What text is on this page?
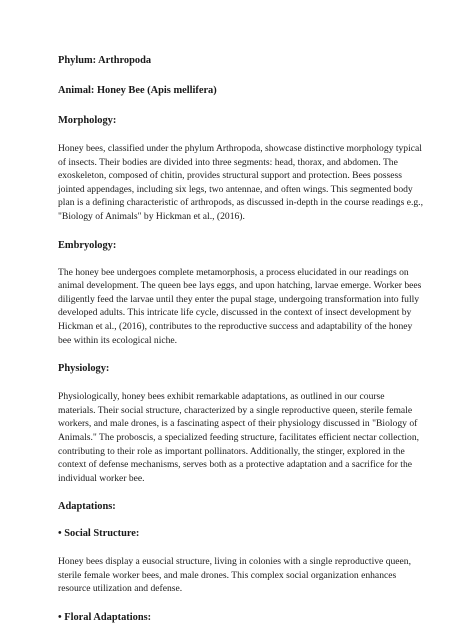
Phylum: Arthropoda

Animal: Honey Bee (Apis mellifera)

Morphology:

Honey bees, classified under the phylum Arthropoda, showcase distinctive morphology typical of insects. Their bodies are divided into three segments: head, thorax, and abdomen. The exoskeleton, composed of chitin, provides structural support and protection. Bees possess jointed appendages, including six legs, two antennae, and often wings. This segmented body plan is a defining characteristic of arthropods, as discussed in-depth in the course readings e.g., "Biology of Animals" by Hickman et al., (2016).

Embryology:

The honey bee undergoes complete metamorphosis, a process elucidated in our readings on animal development. The queen bee lays eggs, and upon hatching, larvae emerge. Worker bees diligently feed the larvae until they enter the pupal stage, undergoing transformation into fully developed adults. This intricate life cycle, discussed in the context of insect development by Hickman et al., (2016), contributes to the reproductive success and adaptability of the honey bee within its ecological niche.

Physiology:

Physiologically, honey bees exhibit remarkable adaptations, as outlined in our course materials. Their social structure, characterized by a single reproductive queen, sterile female workers, and male drones, is a fascinating aspect of their physiology discussed in "Biology of Animals." The proboscis, a specialized feeding structure, facilitates efficient nectar collection, contributing to their role as important pollinators. Additionally, the stinger, explored in the context of defense mechanisms, serves both as a protective adaptation and a sacrifice for the individual worker bee.

Adaptations:

• Social Structure:

Honey bees display a eusocial structure, living in colonies with a single reproductive queen, sterile female worker bees, and male drones. This complex social organization enhances resource utilization and defense.

• Floral Adaptations:
